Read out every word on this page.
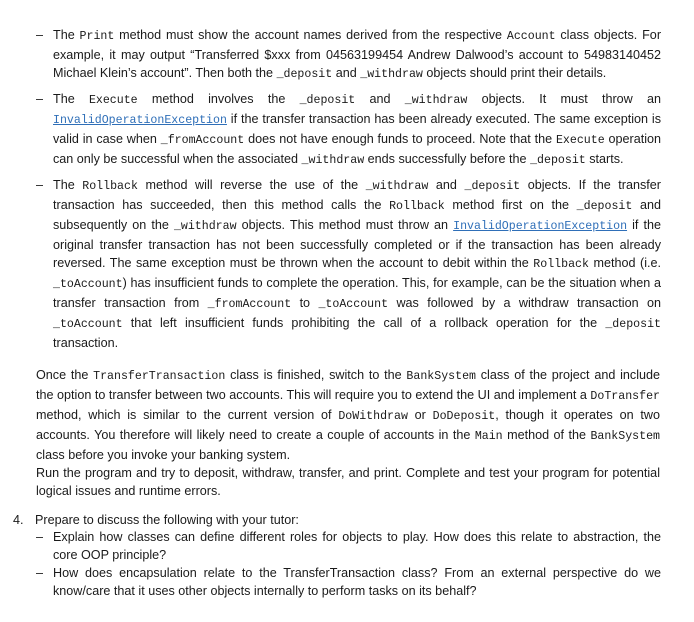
– The Print method must show the account names derived from the respective Account class objects. For example, it may output “Transferred $xxx from 04563199454 Andrew Dalwood’s account to 54983140452 Michael Klein’s account”. Then both the _deposit and _withdraw objects should print their details.
– The Execute method involves the _deposit and _withdraw objects. It must throw an InvalidOperationException if the transfer transaction has been already executed. The same exception is valid in case when _fromAccount does not have enough funds to proceed. Note that the Execute operation can only be successful when the associated _withdraw ends successfully before the _deposit starts.
– The Rollback method will reverse the use of the _withdraw and _deposit objects. If the transfer transaction has succeeded, then this method calls the Rollback method first on the _deposit and subsequently on the _withdraw objects. This method must throw an InvalidOperationException if the original transfer transaction has not been successfully completed or if the transaction has been already reversed. The same exception must be thrown when the account to debit within the Rollback method (i.e. _toAccount) has insufficient funds to complete the operation. This, for example, can be the situation when a transfer transaction from _fromAccount to _toAccount was followed by a withdraw transaction on _toAccount that left insufficient funds prohibiting the call of a rollback operation for the _deposit transaction.

Once the TransferTransaction class is finished, switch to the BankSystem class of the project and include the option to transfer between two accounts. This will require you to extend the UI and implement a DoTransfer method, which is similar to the current version of DoWithdraw or DoDeposit, though it operates on two accounts. You therefore will likely need to create a couple of accounts in the Main method of the BankSystem class before you invoke your banking system.

Run the program and try to deposit, withdraw, transfer, and print. Complete and test your program for potential logical issues and runtime errors.

4. Prepare to discuss the following with your tutor:
– Explain how classes can define different roles for objects to play. How does this relate to abstraction, the core OOP principle?
– How does encapsulation relate to the TransferTransaction class? From an external perspective do we know/care that it uses other objects internally to perform tasks on its behalf?
